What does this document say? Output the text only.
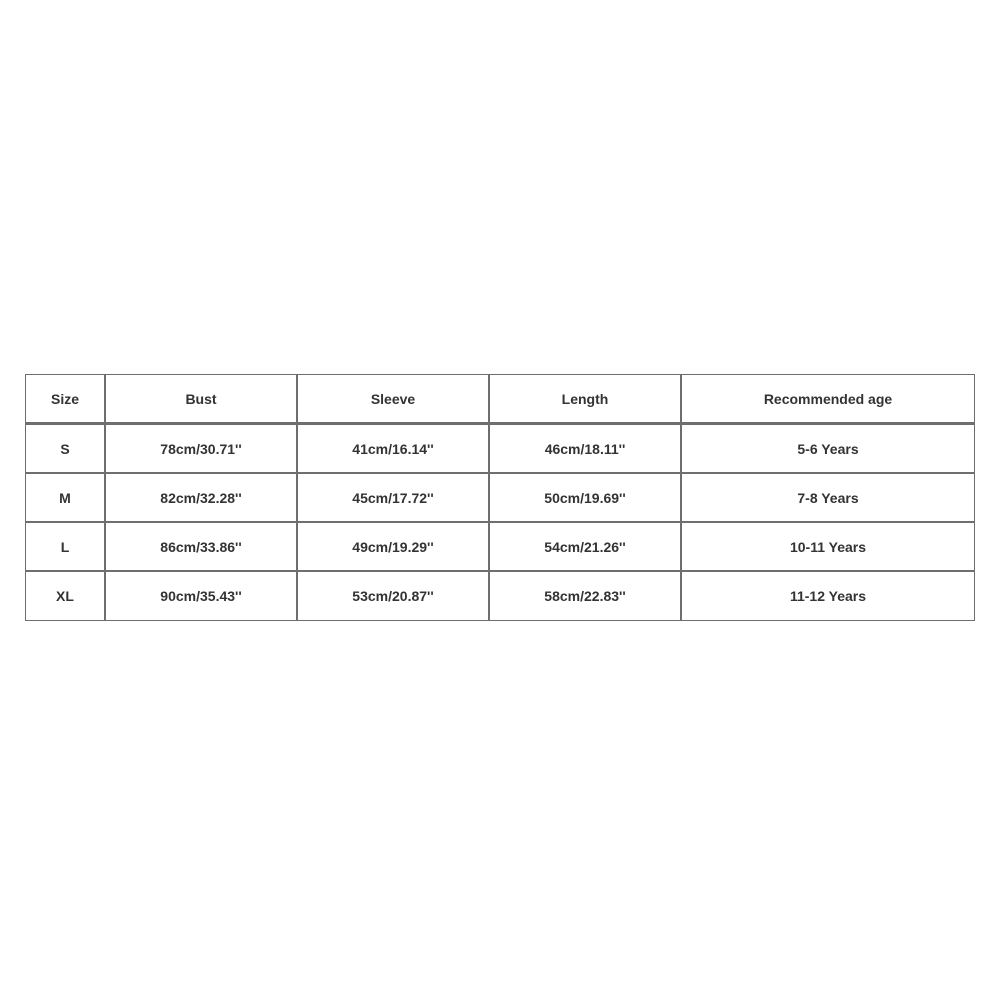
Size	Bust	Sleeve	Length	Recommended age
S	78cm/30.71''	41cm/16.14''	46cm/18.11''	5-6 Years
M	82cm/32.28''	45cm/17.72''	50cm/19.69''	7-8 Years
L	86cm/33.86''	49cm/19.29''	54cm/21.26''	10-11 Years
XL	90cm/35.43''	53cm/20.87''	58cm/22.83''	11-12 Years
